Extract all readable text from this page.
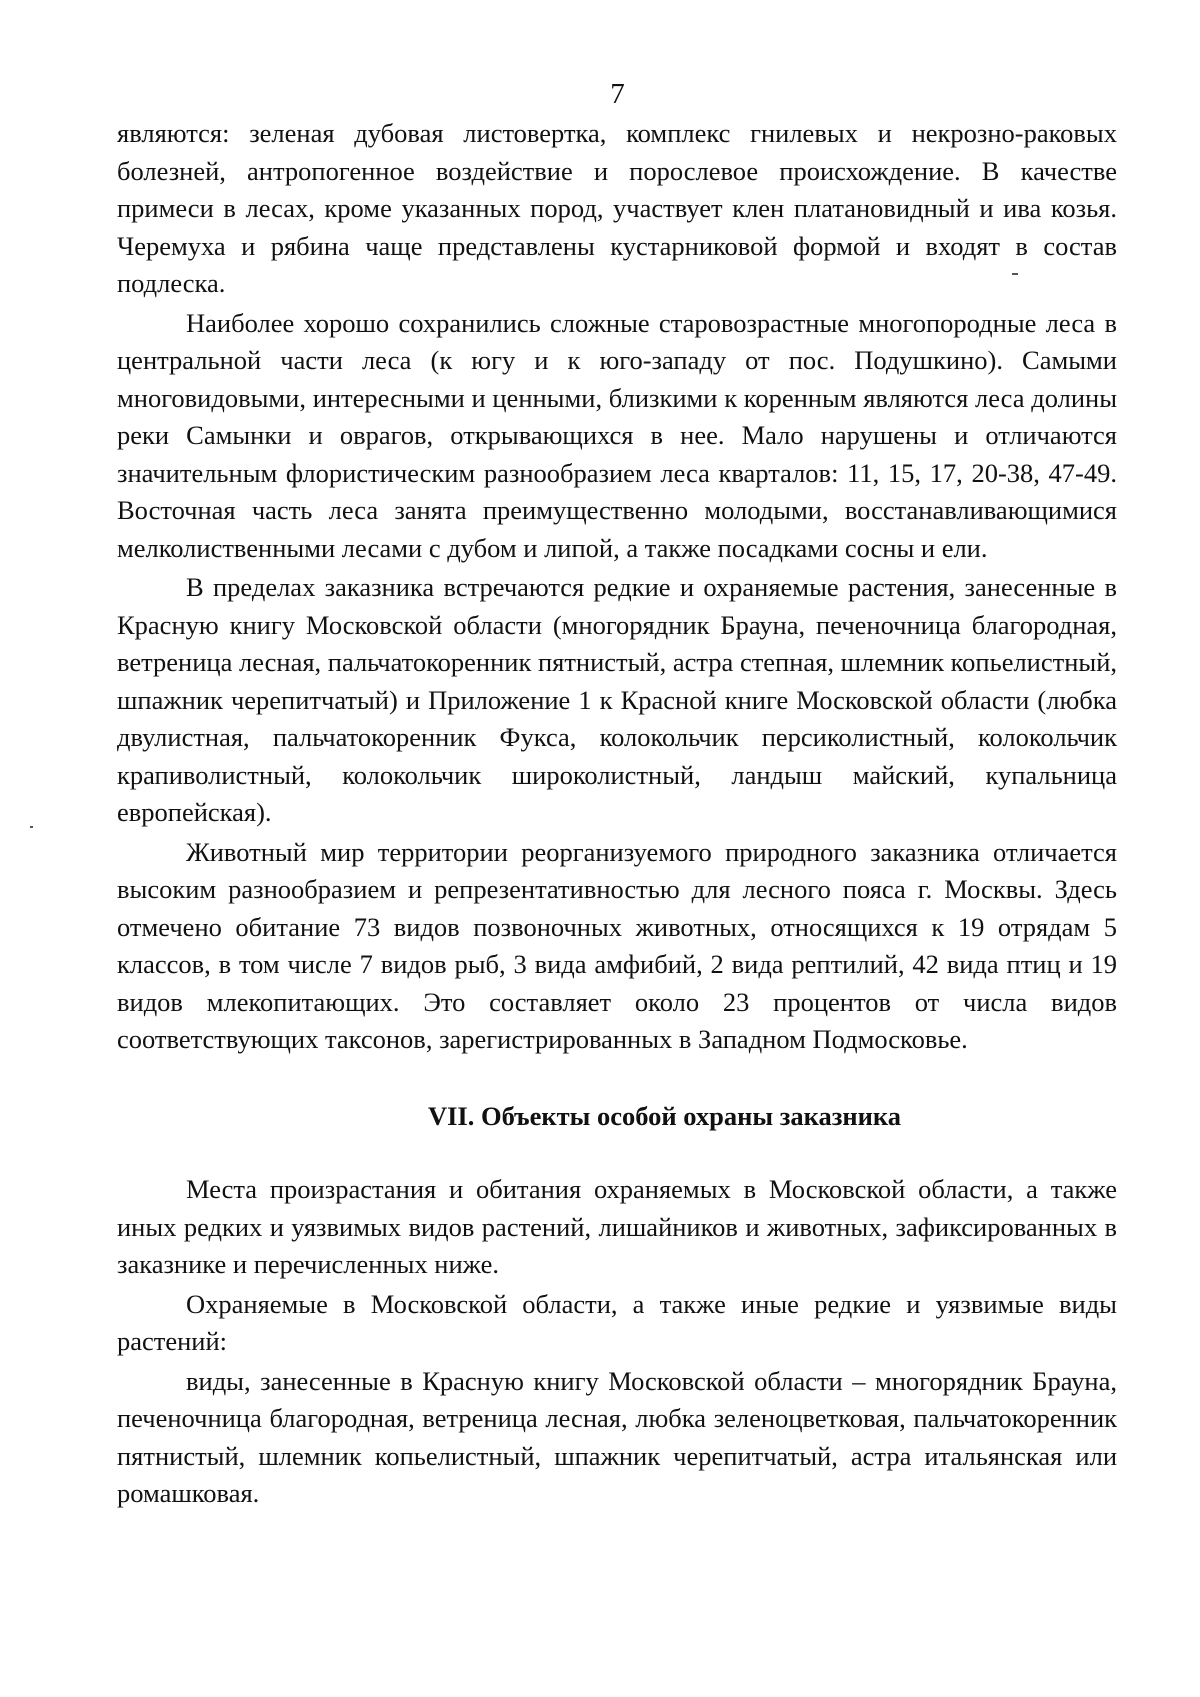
7

являются: зеленая дубовая листовертка, комплекс гнилевых и некрозно-раковых болезней, антропогенное воздействие и порослевое происхождение. В качестве примеси в лесах, кроме указанных пород, участвует клен платановидный и ива козья. Черемуха и рябина чаще представлены кустарниковой формой и входят в состав подлеска.

Наиболее хорошо сохранились сложные старовозрастные многопородные леса в центральной части леса (к югу и к юго-западу от пос. Подушкино). Самыми многовидовыми, интересными и ценными, близкими к коренным являются леса долины реки Самынки и оврагов, открывающихся в нее. Мало нарушены и отличаются значительным флористическим разнообразием леса кварталов: 11, 15, 17, 20-38, 47-49. Восточная часть леса занята преимущественно молодыми, восстанавливающимися мелколиственными лесами с дубом и липой, а также посадками сосны и ели.

В пределах заказника встречаются редкие и охраняемые растения, занесенные в Красную книгу Московской области (многорядник Брауна, печеночница благородная, ветреница лесная, пальчатокоренник пятнистый, астра степная, шлемник копьелистный, шпажник черепитчатый) и Приложение 1 к Красной книге Московской области (любка двулистная, пальчатокоренник Фукса, колокольчик персиколистный, колокольчик крапиволистный, колокольчик широколистный, ландыш майский, купальница европейская).

Животный мир территории реорганизуемого природного заказника отличается высоким разнообразием и репрезентативностью для лесного пояса г. Москвы. Здесь отмечено обитание 73 видов позвоночных животных, относящихся к 19 отрядам 5 классов, в том числе 7 видов рыб, 3 вида амфибий, 2 вида рептилий, 42 вида птиц и 19 видов млекопитающих. Это составляет около 23 процентов от числа видов соответствующих таксонов, зарегистрированных в Западном Подмосковье.

VII. Объекты особой охраны заказника

Места произрастания и обитания охраняемых в Московской области, а также иных редких и уязвимых видов растений, лишайников и животных, зафиксированных в заказнике и перечисленных ниже.

Охраняемые в Московской области, а также иные редкие и уязвимые виды растений:

виды, занесенные в Красную книгу Московской области – многорядник Брауна, печеночница благородная, ветреница лесная, любка зеленоцветковая, пальчатокоренник пятнистый, шлемник копьелистный, шпажник черепитчатый, астра итальянская или ромашковая.
